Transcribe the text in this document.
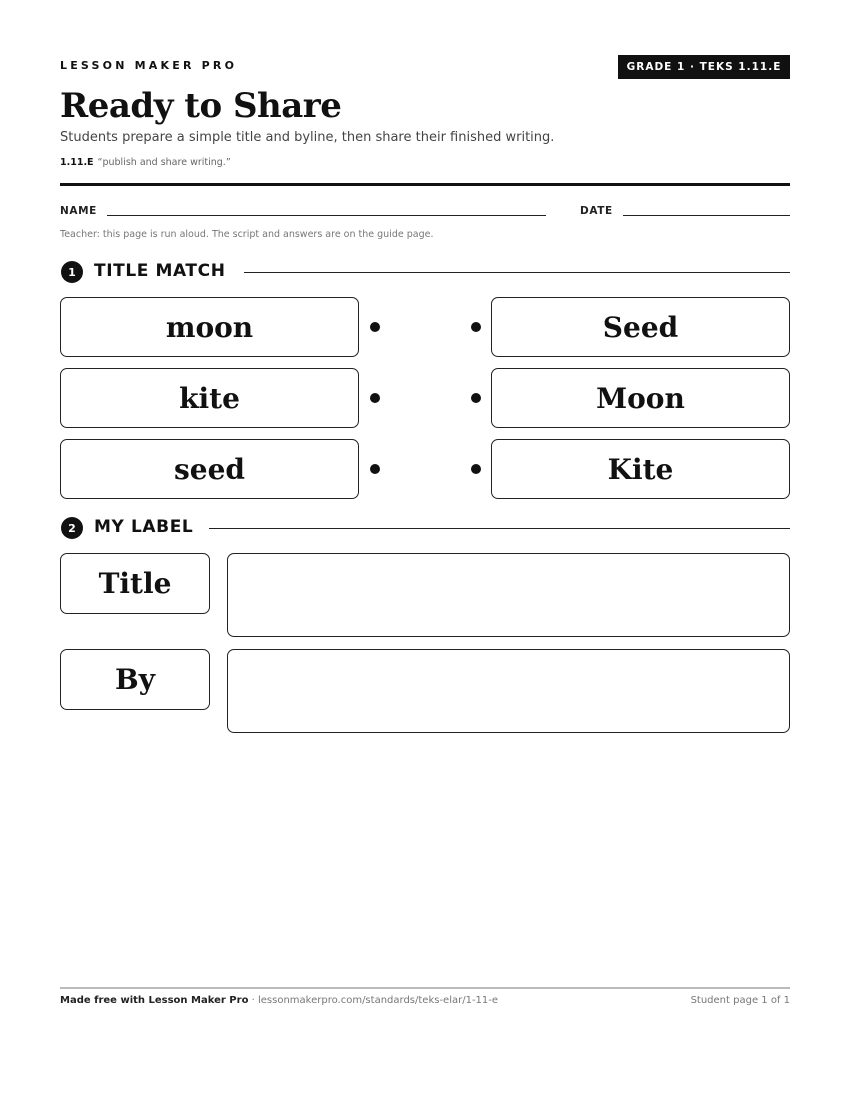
LESSON MAKER PRO	GRADE 1 · TEKS 1.11.E
Ready to Share
Students prepare a simple title and byline, then share their finished writing.
1.11.E “publish and share writing.”
NAME	DATE
Teacher: this page is run aloud. The script and answers are on the guide page.
1	TITLE MATCH
moon	Seed
kite	Moon
seed	Kite
2	MY LABEL
Title
By
Made free with Lesson Maker Pro · lessonmakerpro.com/standards/teks-elar/1-11-e	Student page 1 of 1
